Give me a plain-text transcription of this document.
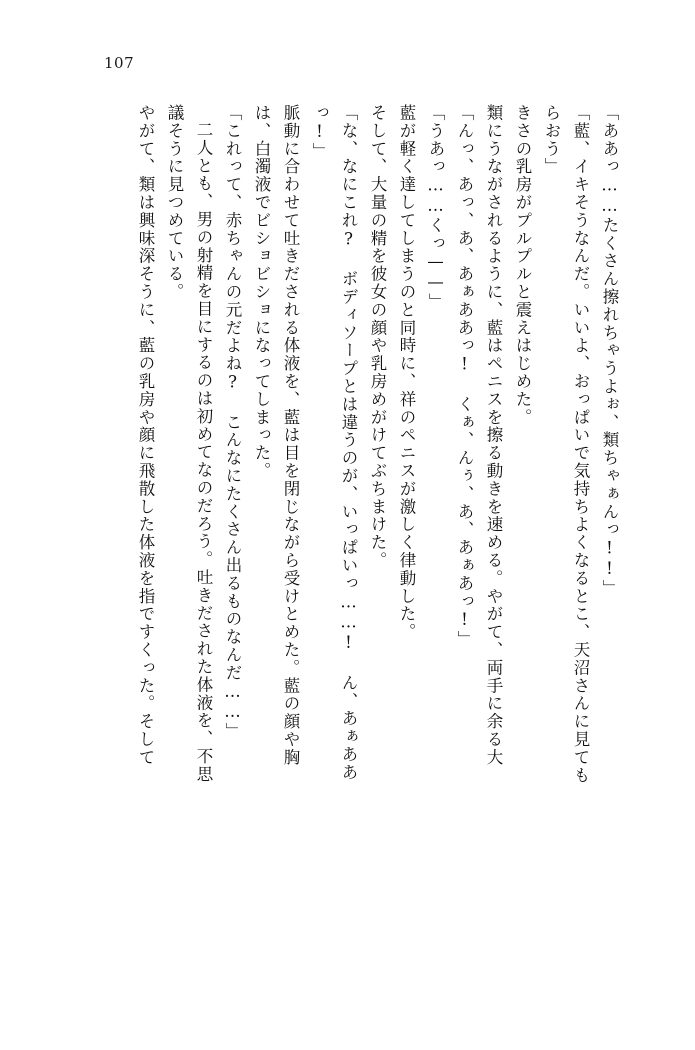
107
「ああっ……たくさん擦れちゃうよぉ、類ちゃぁんっ!!」
「藍、イキそうなんだ。いいよ、おっぱいで気持ちよくなるとこ、天沼さんに見ても
らおう」
きさの乳房がプルプルと震えはじめた。
類にうながされるように、藍はペニスを擦る動きを速める。やがて、両手に余る大
「んっ、あっ、あ、あぁああっ! くぁ、んぅ、あ、あぁあっ!」
「うあっ……くっ——」
藍が軽く達してしまうのと同時に、祥のペニスが激しく律動した。
そして、大量の精を彼女の顔や乳房めがけてぶちまけた。
「な、なにこれ? ボディソープとは違うのが、いっぱいっ……! ん、あぁああ
っ!」
脈動に合わせて吐きだされる体液を、藍は目を閉じながら受けとめた。藍の顔や胸
は、白濁液でビショビショになってしまった。
「これって、赤ちゃんの元だよね? こんなにたくさん出るものなんだ……」
二人とも、男の射精を目にするのは初めてなのだろう。吐きだされた体液を、不思
議そうに見つめている。
やがて、類は興味深そうに、藍の乳房や顔に飛散した体液を指ですくった。そして
